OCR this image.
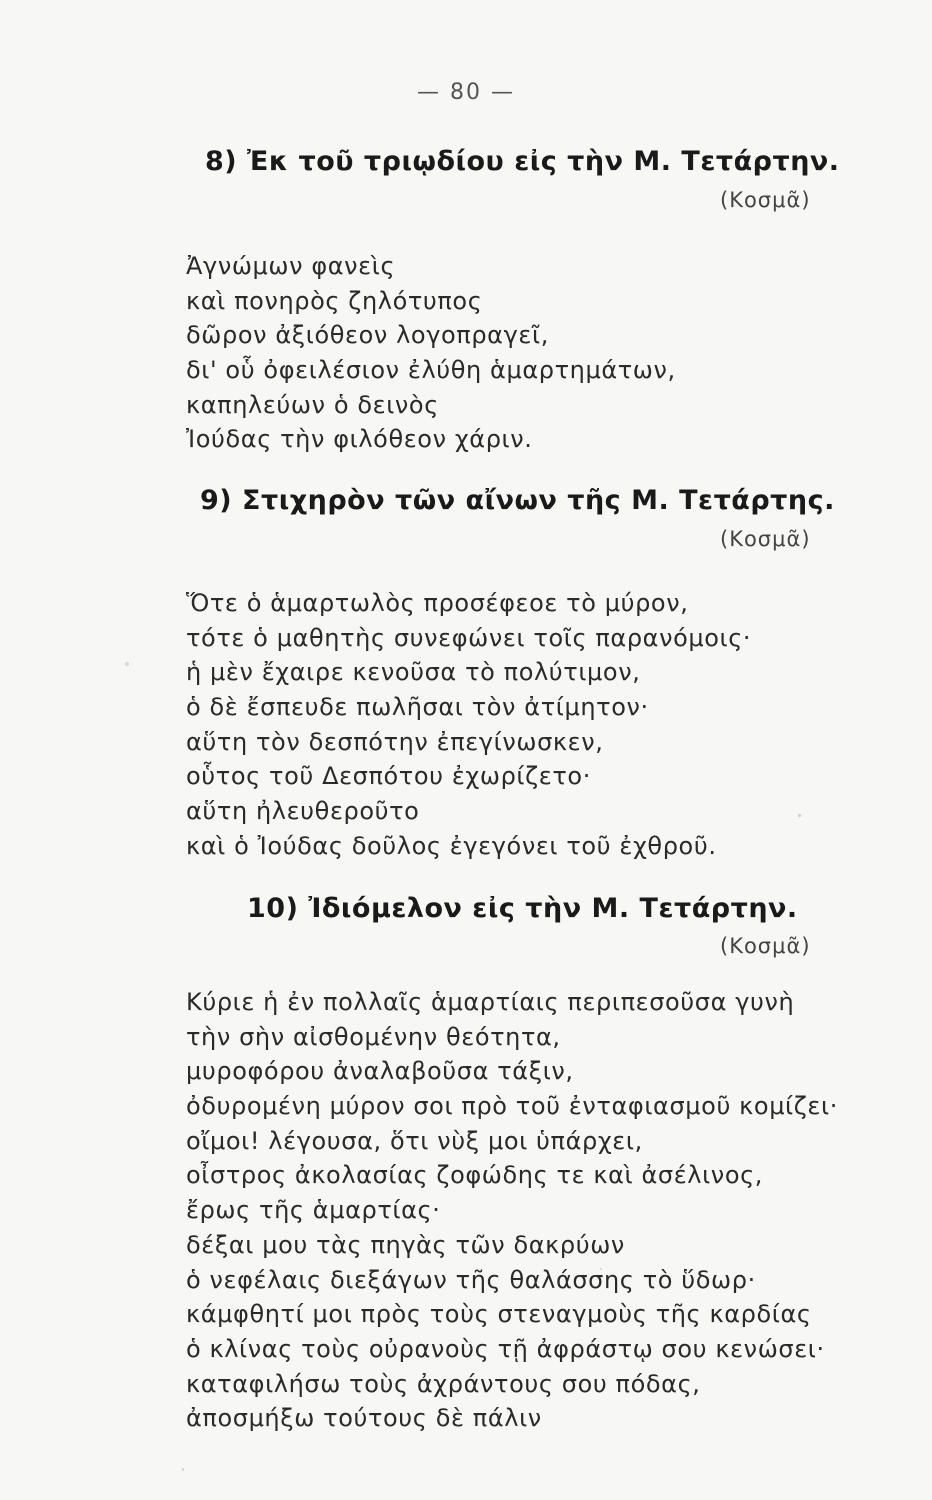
— 80 —
8) Ἐκ τοῦ τριῳδίου εἰς τὴν Μ. Τετάρτην.
(Κοσμᾶ)
Ἀγνώμων φανεὶς
καὶ πονηρὸς ζηλότυπος
δῶρον ἀξιόθεον λογοπραγεῖ,
δι' οὗ ὀφειλέσιον ἐλύθη ἁμαρτημάτων,
καπηλεύων ὁ δεινὸς
Ἰούδας τὴν φιλόθεον χάριν.
9) Στιχηρὸν τῶν αἴνων τῆς Μ. Τετάρτης.
(Κοσμᾶ)
Ὅτε ὁ ἁμαρτωλὸς προσέφεοε τὸ μύρον,
τότε ὁ μαθητὴς συνεφώνει τοῖς παρανόμοις·
ἡ μὲν ἔχαιρε κενοῦσα τὸ πολύτιμον,
ὁ δὲ ἔσπευδε πωλῆσαι τὸν ἀτίμητον·
αὕτη τὸν δεσπότην ἐπεγίνωσκεν,
οὗτος τοῦ Δεσπότου ἐχωρίζετο·
αὕτη ἠλευθεροῦτο
καὶ ὁ Ἰούδας δοῦλος ἐγεγόνει τοῦ ἐχθροῦ.
10) Ἰδιόμελον εἰς τὴν Μ. Τετάρτην.
(Κοσμᾶ)
Κύριε ἡ ἐν πολλαῖς ἁμαρτίαις περιπεσοῦσα γυνὴ
τὴν σὴν αἰσθομένην θεότητα,
μυροφόρου ἀναλαβοῦσα τάξιν,
ὀδυρομένη μύρον σοι πρὸ τοῦ ἐνταφιασμοῦ κομίζει·
οἴμοι! λέγουσα, ὅτι νὺξ μοι ὑπάρχει,
οἶστρος ἀκολασίας ζοφώδης τε καὶ ἀσέλινος,
ἔρως τῆς ἁμαρτίας·
δέξαι μου τὰς πηγὰς τῶν δακρύων
ὁ νεφέλαις διεξάγων τῆς θαλάσσης τὸ ὕδωρ·
κάμφθητί μοι πρὸς τοὺς στεναγμοὺς τῆς καρδίας
ὁ κλίνας τοὺς οὐρανοὺς τῇ ἀφράστῳ σου κενώσει·
καταφιλήσω τοὺς ἀχράντους σου πόδας,
ἀποσμήξω τούτους δὲ πάλιν
